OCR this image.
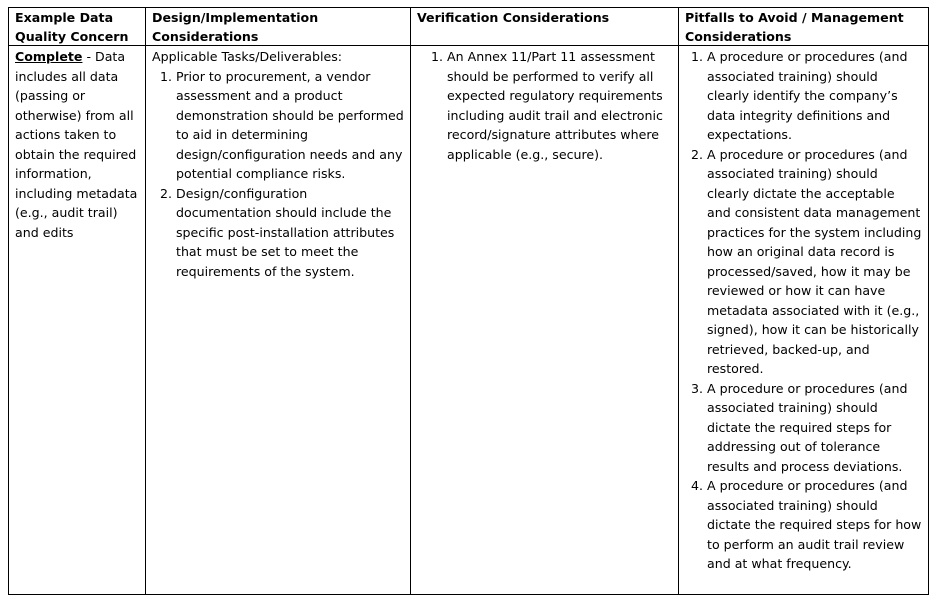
Example Data Quality Concern
Complete - Data includes all data (passing or otherwise) from all actions taken to obtain the required information, including metadata (e.g., audit trail) and edits
Design/Implementation Considerations
Applicable Tasks/Deliverables:
1. Prior to procurement, a vendor assessment and a product demonstration should be performed to aid in determining design/configuration needs and any potential compliance risks.
2. Design/configuration documentation should include the specific post-installation attributes that must be set to meet the requirements of the system.
Verification Considerations
1. An Annex 11/Part 11 assessment should be performed to verify all expected regulatory requirements including audit trail and electronic record/signature attributes where applicable (e.g., secure).
Pitfalls to Avoid / Management Considerations
1. A procedure or procedures (and associated training) should clearly identify the company’s data integrity definitions and expectations.
2. A procedure or procedures (and associated training) should clearly dictate the acceptable and consistent data management practices for the system including how an original data record is processed/saved, how it may be reviewed or how it can have metadata associated with it (e.g., signed), how it can be historically retrieved, backed-up, and restored.
3. A procedure or procedures (and associated training) should dictate the required steps for addressing out of tolerance results and process deviations.
4. A procedure or procedures (and associated training) should dictate the required steps for how to perform an audit trail review and at what frequency.
